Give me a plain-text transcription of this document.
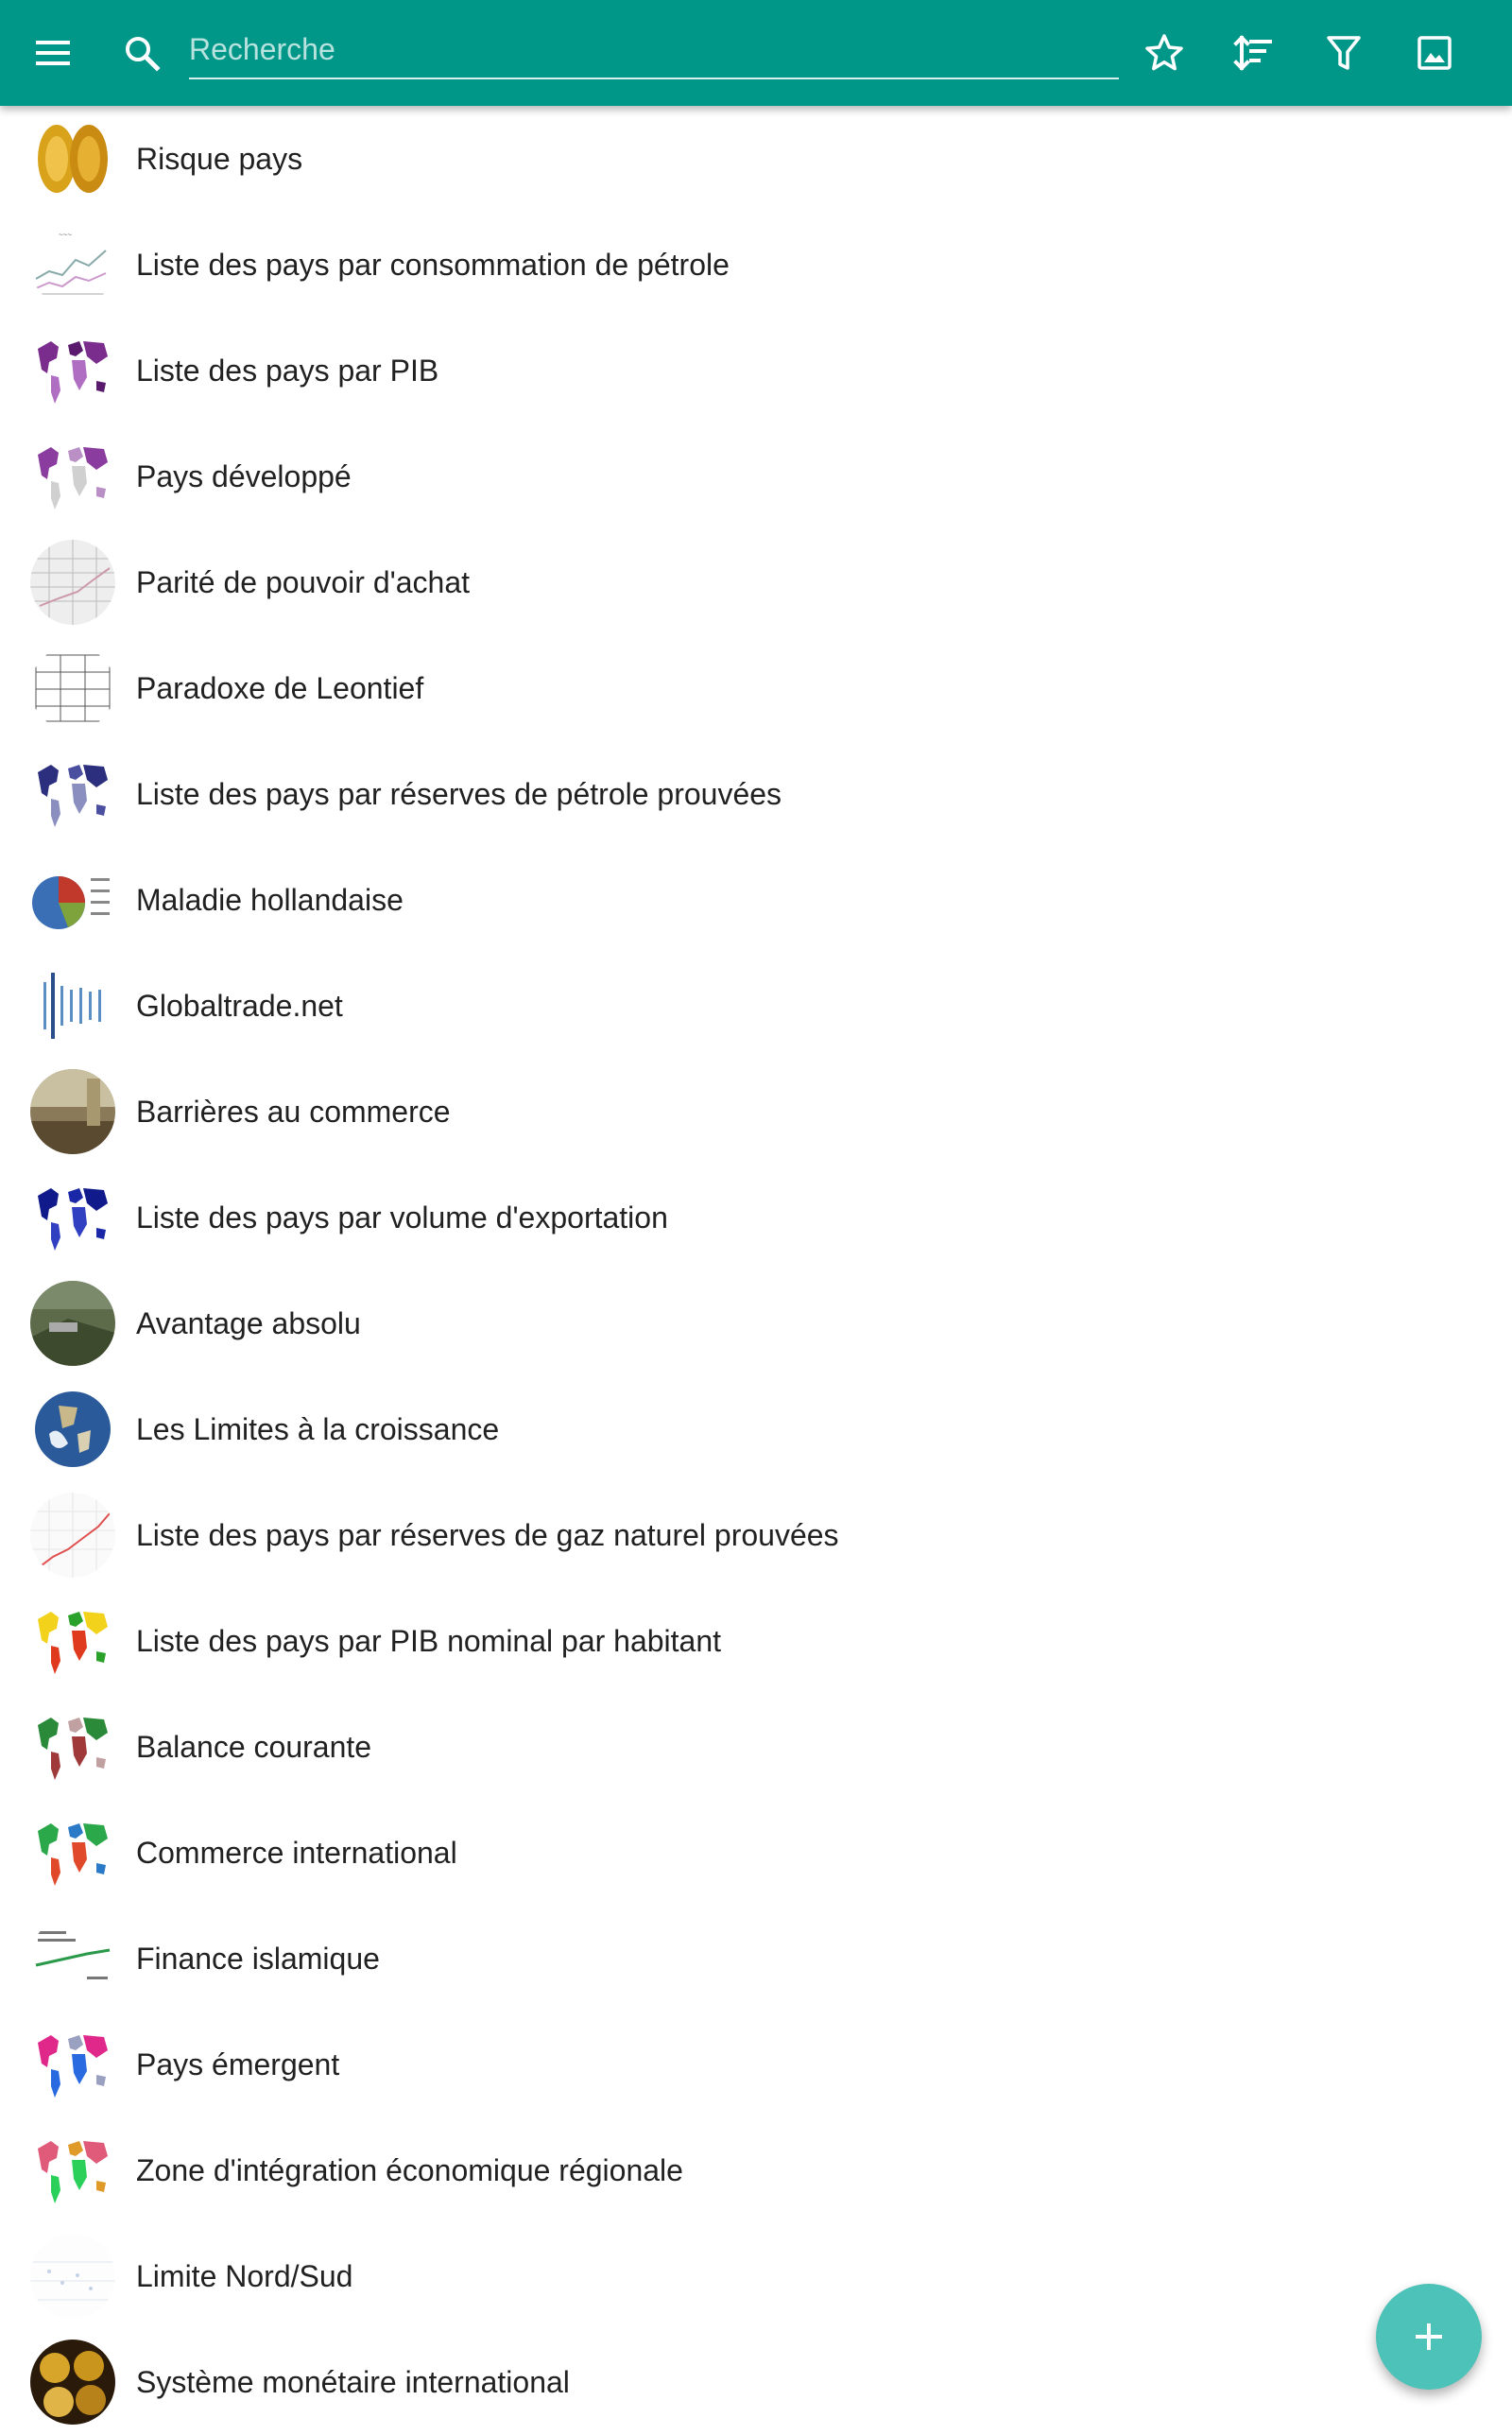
Recherche
Risque pays
~~~
Liste des pays par consommation de pétrole
Liste des pays par PIB
Pays développé
Parité de pouvoir d'achat
Paradoxe de Leontief
Liste des pays par réserves de pétrole prouvées
Maladie hollandaise
Globaltrade.net
Barrières au commerce
Liste des pays par volume d'exportation
Avantage absolu
Les Limites à la croissance
Liste des pays par réserves de gaz naturel prouvées
Liste des pays par PIB nominal par habitant
Balance courante
Commerce international
Finance islamique
Pays émergent
Zone d'intégration économique régionale
Limite Nord/Sud
Système monétaire international
